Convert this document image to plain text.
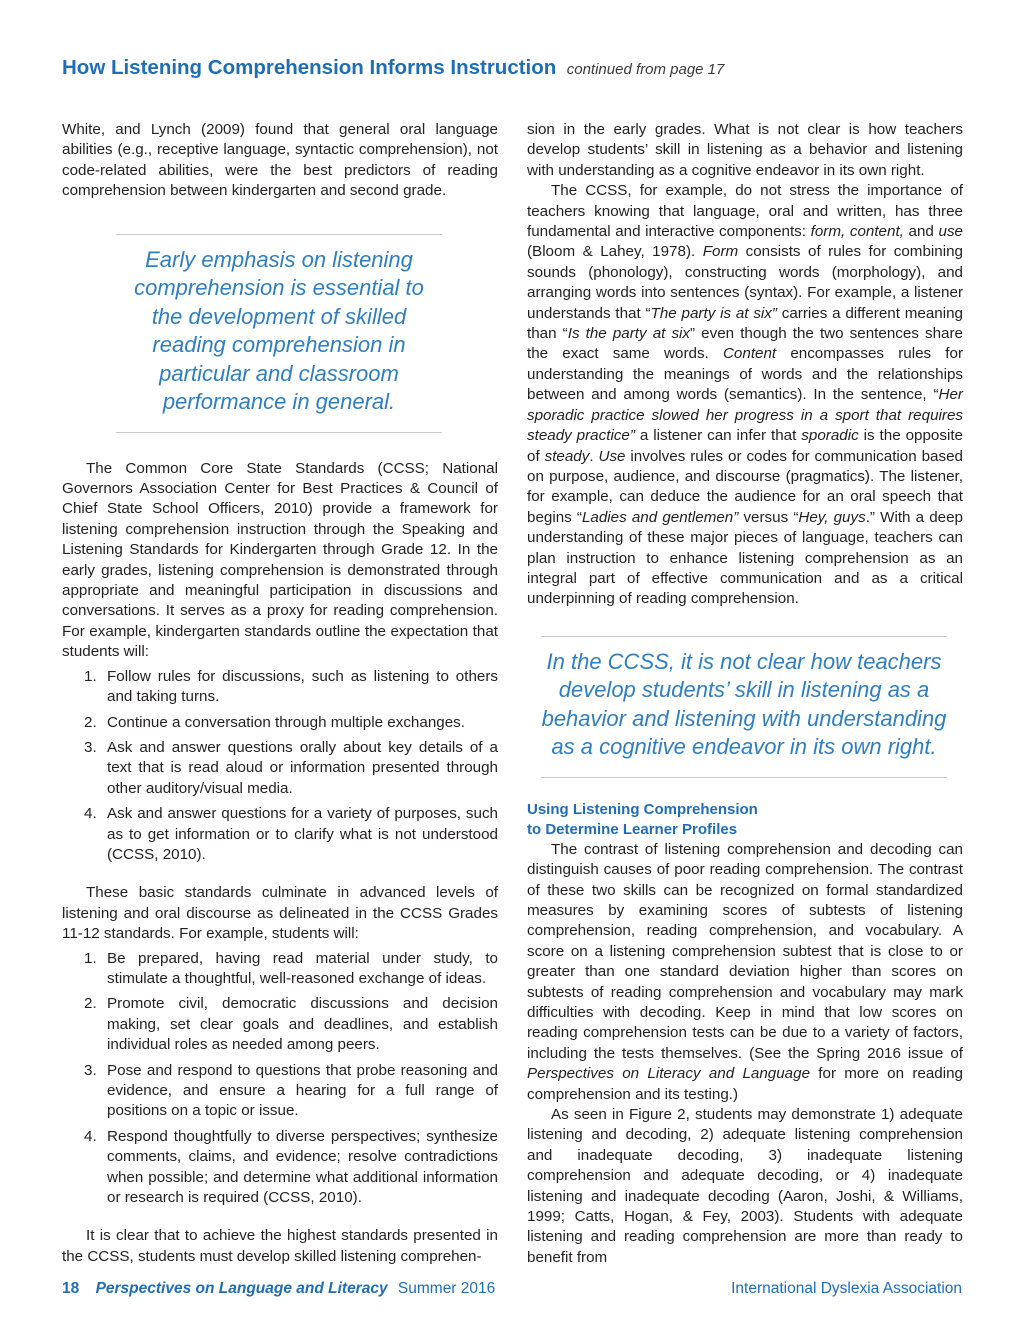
How Listening Comprehension Informs Instruction continued from page 17

White, and Lynch (2009) found that general oral language abilities (e.g., receptive language, syntactic comprehension), not code-related abilities, were the best predictors of reading comprehension between kindergarten and second grade.

Early emphasis on listening comprehension is essential to the development of skilled reading comprehension in particular and classroom performance in general.

The Common Core State Standards (CCSS; National Governors Association Center for Best Practices & Council of Chief State School Officers, 2010) provide a framework for listening comprehension instruction through the Speaking and Listening Standards for Kindergarten through Grade 12. In the early grades, listening comprehension is demonstrated through appropriate and meaningful participation in discussions and conversations. It serves as a proxy for reading comprehension. For example, kindergarten standards outline the expectation that students will:

1. Follow rules for discussions, such as listening to others and taking turns.
2. Continue a conversation through multiple exchanges.
3. Ask and answer questions orally about key details of a text that is read aloud or information presented through other auditory/visual media.
4. Ask and answer questions for a variety of purposes, such as to get information or to clarify what is not understood (CCSS, 2010).

These basic standards culminate in advanced levels of listening and oral discourse as delineated in the CCSS Grades 11-12 standards. For example, students will:

1. Be prepared, having read material under study, to stimulate a thoughtful, well-reasoned exchange of ideas.
2. Promote civil, democratic discussions and decision making, set clear goals and deadlines, and establish individual roles as needed among peers.
3. Pose and respond to questions that probe reasoning and evidence, and ensure a hearing for a full range of positions on a topic or issue.
4. Respond thoughtfully to diverse perspectives; synthesize comments, claims, and evidence; resolve contradictions when possible; and determine what additional information or research is required (CCSS, 2010).

It is clear that to achieve the highest standards presented in the CCSS, students must develop skilled listening comprehen-

sion in the early grades. What is not clear is how teachers develop students’ skill in listening as a behavior and listening with understanding as a cognitive endeavor in its own right.

The CCSS, for example, do not stress the importance of teachers knowing that language, oral and written, has three fundamental and interactive components: form, content, and use (Bloom & Lahey, 1978). Form consists of rules for combining sounds (phonology), constructing words (morphology), and arranging words into sentences (syntax). For example, a listener understands that “The party is at six” carries a different meaning than “Is the party at six” even though the two sentences share the exact same words. Content encompasses rules for understanding the meanings of words and the relationships between and among words (semantics). In the sentence, “Her sporadic practice slowed her progress in a sport that requires steady practice” a listener can infer that sporadic is the opposite of steady. Use involves rules or codes for communication based on purpose, audience, and discourse (pragmatics). The listener, for example, can deduce the audience for an oral speech that begins “Ladies and gentlemen” versus “Hey, guys.” With a deep understanding of these major pieces of language, teachers can plan instruction to enhance listening comprehension as an integral part of effective communication and as a critical underpinning of reading comprehension.

In the CCSS, it is not clear how teachers develop students’ skill in listening as a behavior and listening with understanding as a cognitive endeavor in its own right.
Using Listening Comprehension
to Determine Learner Profiles

The contrast of listening comprehension and decoding can distinguish causes of poor reading comprehension. The contrast of these two skills can be recognized on formal standardized measures by examining scores of subtests of listening comprehension, reading comprehension, and vocabulary. A score on a listening comprehension subtest that is close to or greater than one standard deviation higher than scores on subtests of reading comprehension and vocabulary may mark difficulties with decoding. Keep in mind that low scores on reading comprehension tests can be due to a variety of factors, including the tests themselves. (See the Spring 2016 issue of Perspectives on Literacy and Language for more on reading comprehension and its testing.)

As seen in Figure 2, students may demonstrate 1) adequate listening and decoding, 2) adequate listening comprehension and inadequate decoding, 3) inadequate listening comprehension and adequate decoding, or 4) inadequate listening and inadequate decoding (Aaron, Joshi, & Williams, 1999; Catts, Hogan, & Fey, 2003). Students with adequate listening and reading comprehension are more than ready to benefit from

18 Perspectives on Language and Literacy Summer 2016	International Dyslexia Association
